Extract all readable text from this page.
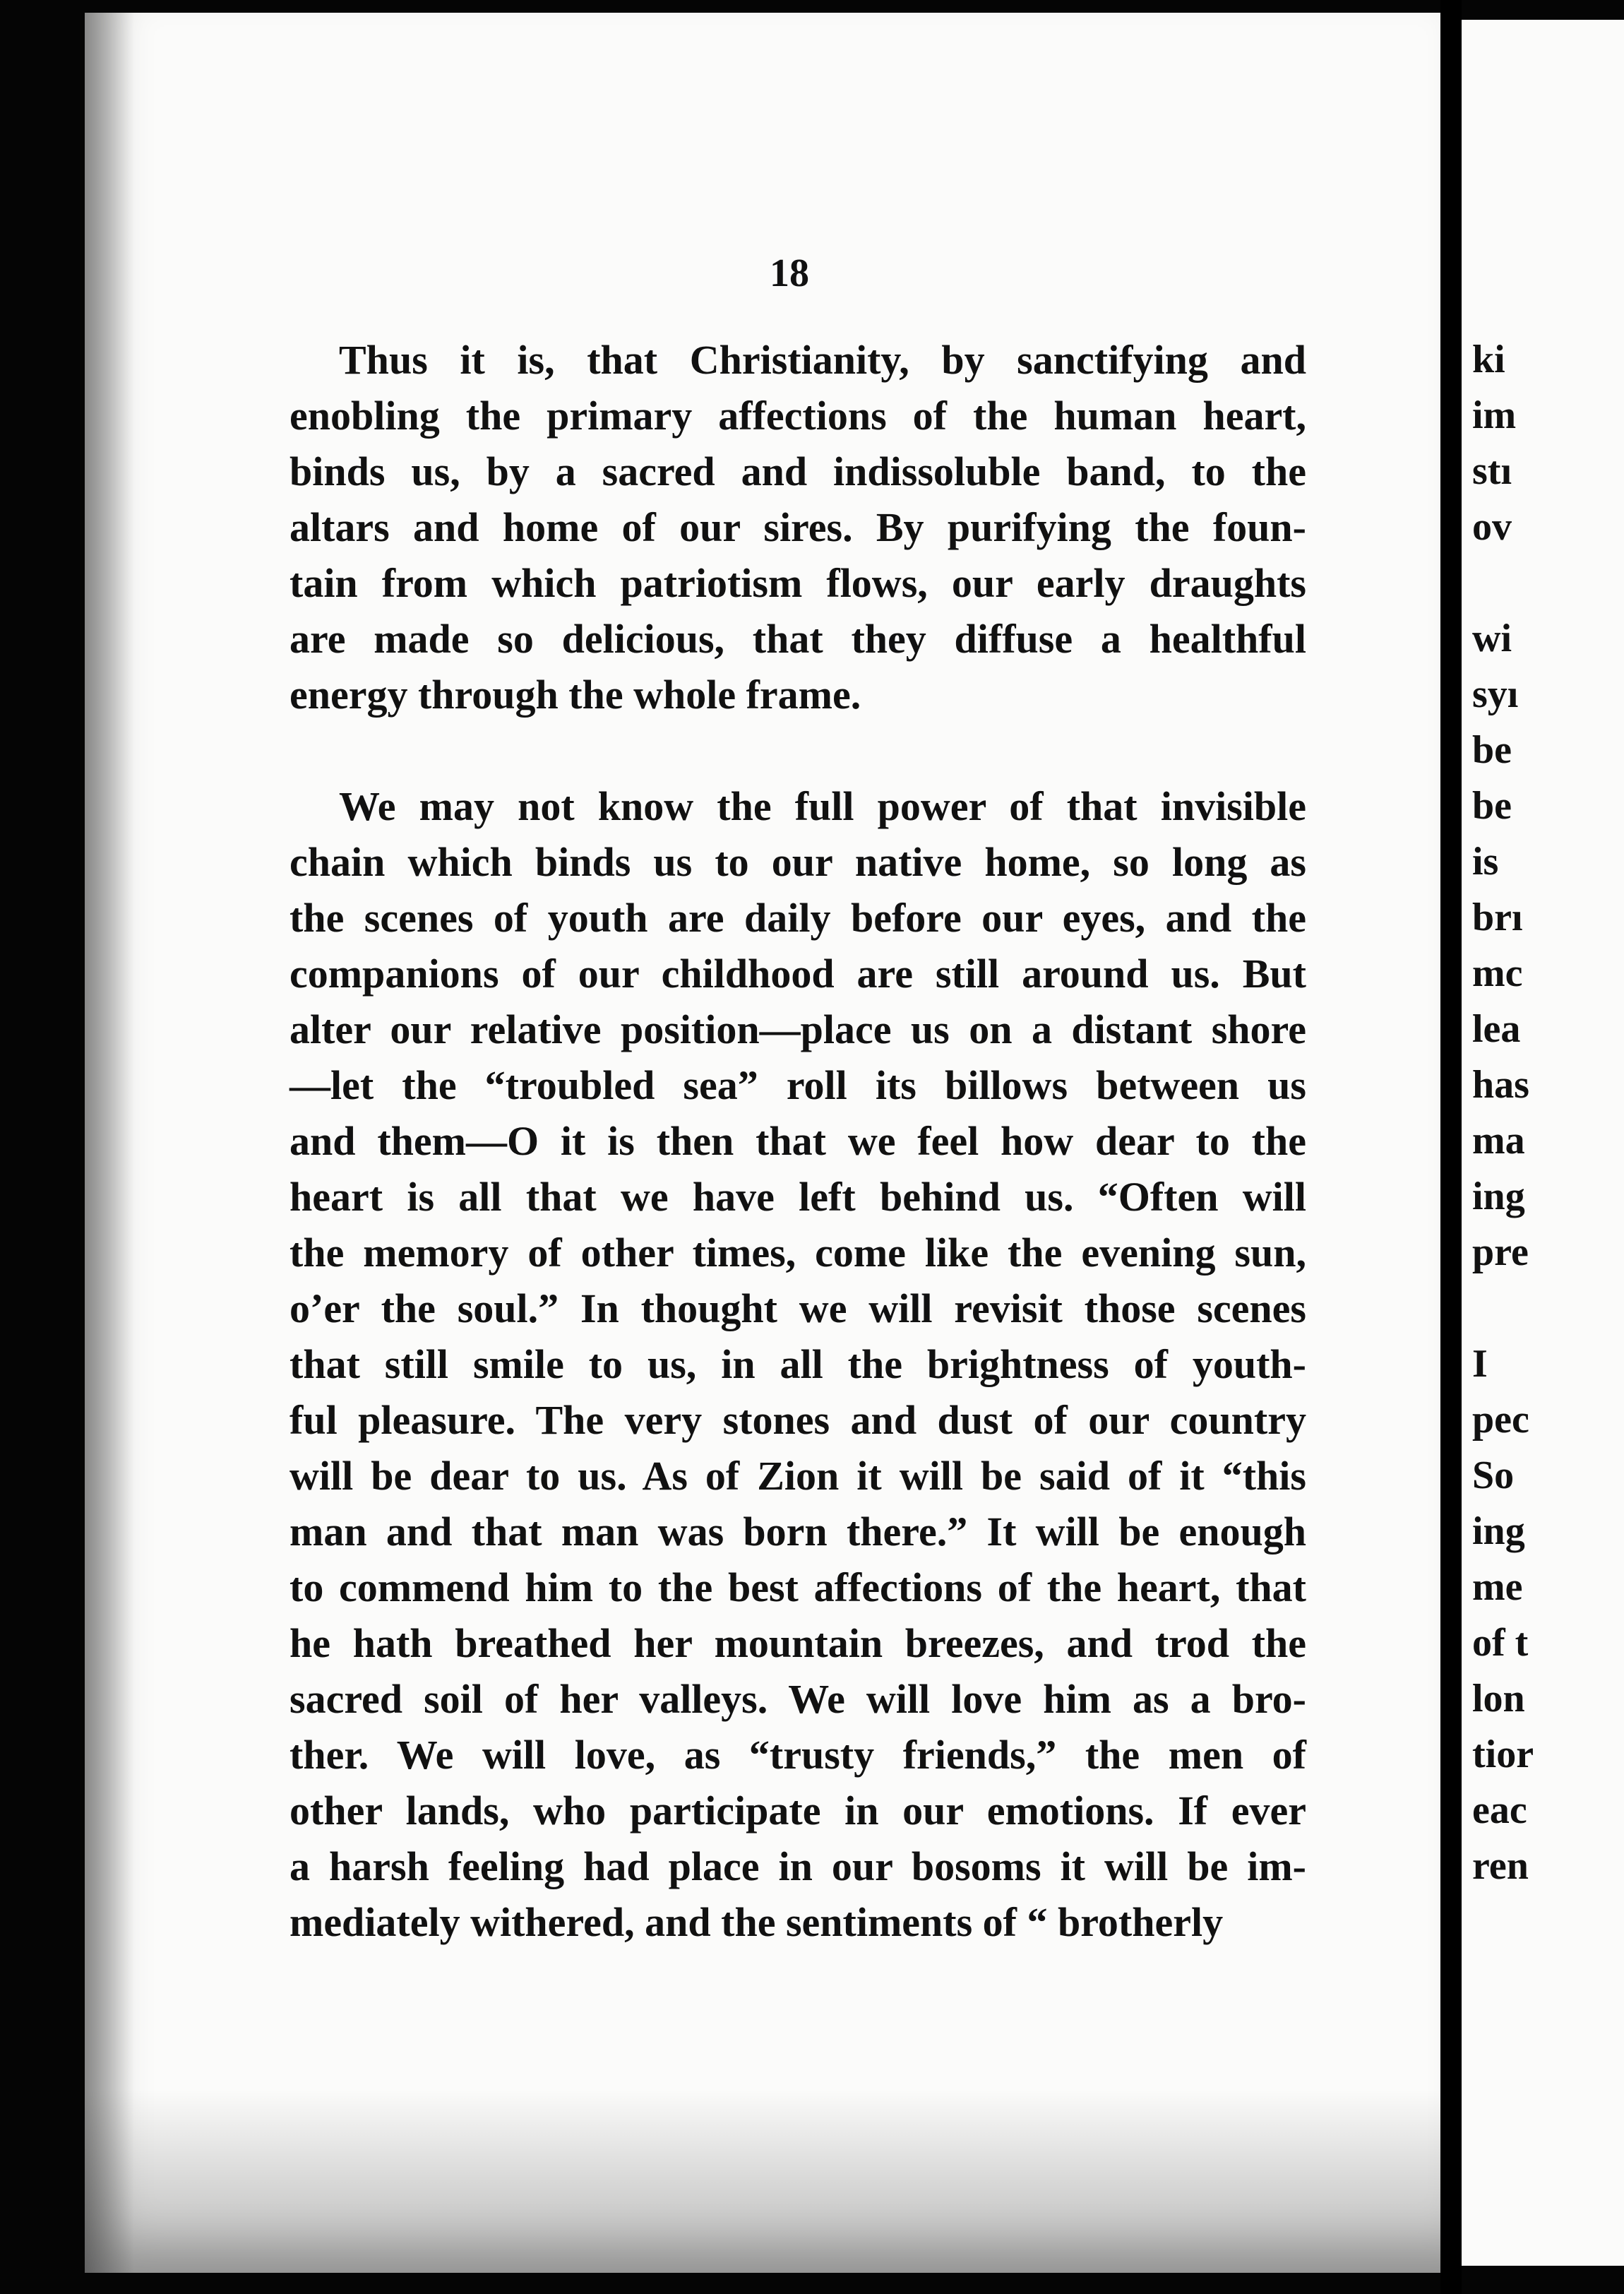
18
Thus it is, that Christianity, by sanctifying and
enobling the primary affections of the human heart,
binds us, by a sacred and indissoluble band, to the
altars and home of our sires. By purifying the foun-
tain from which patriotism flows, our early draughts
are made so delicious, that they diffuse a healthful
energy through the whole frame.
We may not know the full power of that invisible
chain which binds us to our native home, so long as
the scenes of youth are daily before our eyes, and the
companions of our childhood are still around us. But
alter our relative position—place us on a distant shore
—let the “troubled sea” roll its billows between us
and them—O it is then that we feel how dear to the
heart is all that we have left behind us. “Often will
the memory of other times, come like the evening sun,
o’er the soul.” In thought we will revisit those scenes
that still smile to us, in all the brightness of youth-
ful pleasure. The very stones and dust of our country
will be dear to us. As of Zion it will be said of it “this
man and that man was born there.” It will be enough
to commend him to the best affections of the heart, that
he hath breathed her mountain breezes, and trod the
sacred soil of her valleys. We will love him as a bro-
ther. We will love, as “trusty friends,” the men of
other lands, who participate in our emotions. If ever
a harsh feeling had place in our bosoms it will be im-
mediately withered, and the sentiments of “ brotherly
ki
im
stı
ov
wi
syı
be
be
is
brı
mc
lea
has
ma
ing
pre
I
pec
So
ing
me
of t
lon
tior
eac
ren
